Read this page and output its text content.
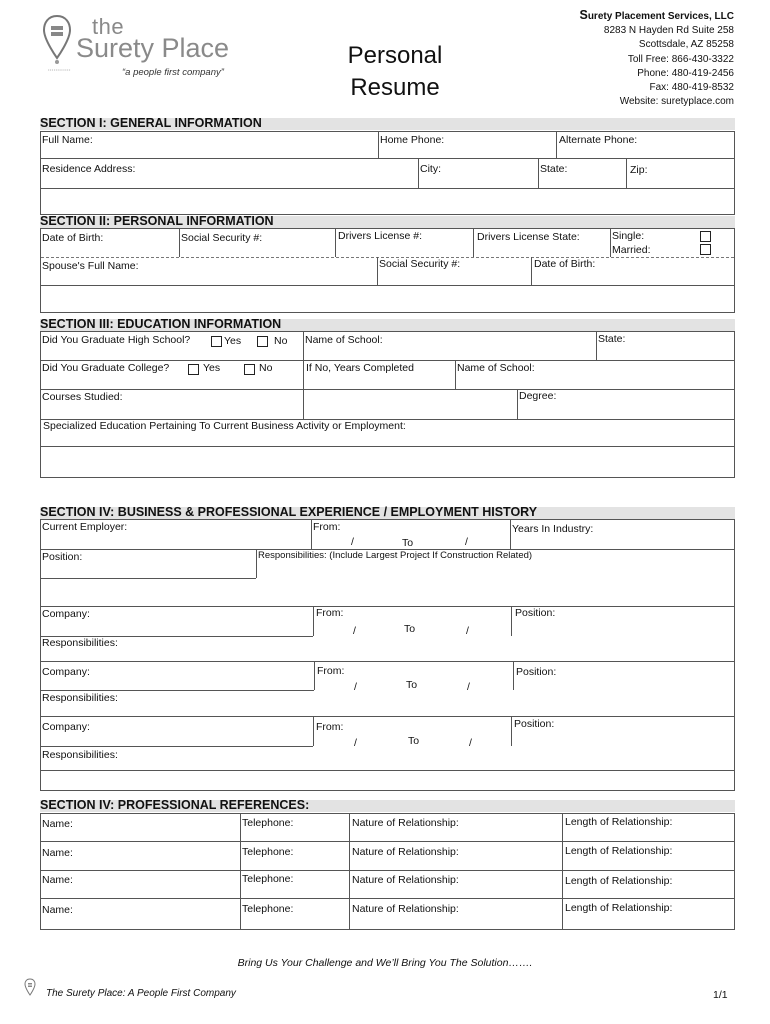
••••••••••••
the
Surety Place
“a people first company”
Personal
Resume
Surety Placement Services, LLC
8283 N Hayden Rd Suite 258
Scottsdale, AZ 85258
Toll Free: 866-430-3322
Phone: 480-419-2456
Fax: 480-419-8532
Website: suretyplace.com
SECTION I: GENERAL INFORMATION
Full Name:	Home Phone:	Alternate Phone:
Residence Address:	City:	State:	Zip:
SECTION II: PERSONAL INFORMATION
Date of Birth:	Social Security #:	Drivers License #:	Drivers License State:	Single:
Married:
Spouse's Full Name:	Social Security #:	Date of Birth:
SECTION III: EDUCATION INFORMATION
Did You Graduate High School?	Yes	No Name of School:	State:
Did You Graduate College?	Yes	No	If No, Years Completed	Name of School:
Courses Studied:	Degree:
Specialized Education Pertaining To Current Business Activity or Employment:
SECTION IV: BUSINESS & PROFESSIONAL EXPERIENCE / EMPLOYMENT HISTORY
Current Employer:	From:
/	To	/
Years In Industry:
Position:	Responsibilities: (Include Largest Project If Construction Related)
Company:	From:
/	To	/
Position:
Responsibilities:
Company:	From:
/	To	/
Position:
Responsibilities:
Company:	From:
/	To	/
Position:
Responsibilities:
SECTION IV: PROFESSIONAL REFERENCES:
Name:	Telephone:	Nature of Relationship:	Length of Relationship:
Name:	Telephone:	Nature of Relationship:	Length of Relationship:
Name:	Telephone:	Nature of Relationship:	Length of Relationship:
Name:	Telephone:	Nature of Relationship:	Length of Relationship:
Bring Us Your Challenge and We’ll Bring You The Solution…….
The Surety Place: A People First Company	1/1
